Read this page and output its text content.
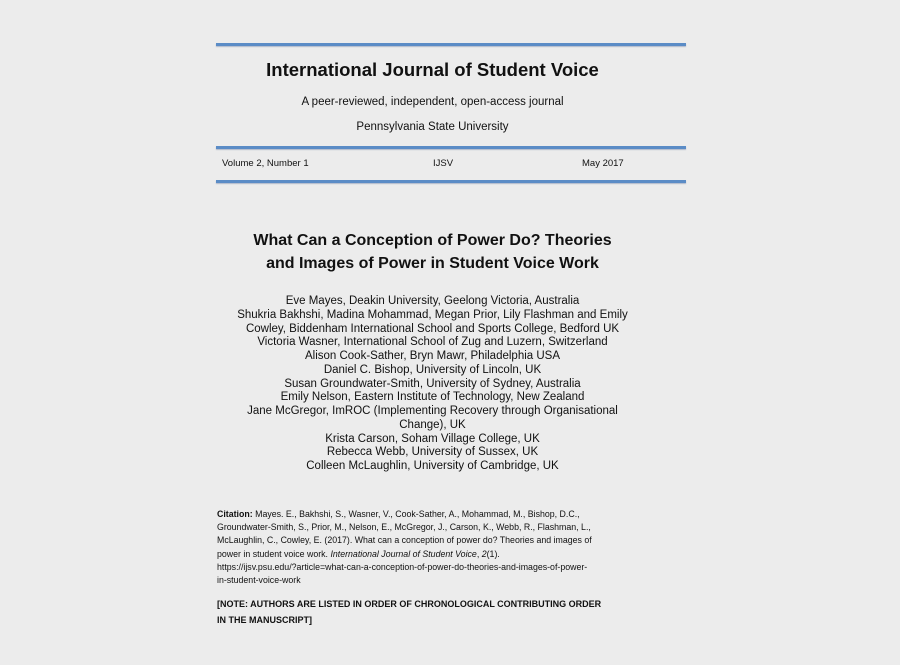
International Journal of Student Voice
A peer-reviewed, independent, open-access journal
Pennsylvania State University
Volume 2, Number 1	IJSV	May 2017
What Can a Conception of Power Do? Theories
and Images of Power in Student Voice Work
Eve Mayes, Deakin University, Geelong Victoria, Australia
Shukria Bakhshi, Madina Mohammad, Megan Prior, Lily Flashman and Emily
Cowley, Biddenham International School and Sports College, Bedford UK
Victoria Wasner, International School of Zug and Luzern, Switzerland
Alison Cook-Sather, Bryn Mawr, Philadelphia USA
Daniel C. Bishop, University of Lincoln, UK
Susan Groundwater-Smith, University of Sydney, Australia
Emily Nelson, Eastern Institute of Technology, New Zealand
Jane McGregor, ImROC (Implementing Recovery through Organisational
Change), UK
Krista Carson, Soham Village College, UK
Rebecca Webb, University of Sussex, UK
Colleen McLaughlin, University of Cambridge, UK
Citation: Mayes. E., Bakhshi, S., Wasner, V., Cook-Sather, A., Mohammad, M., Bishop, D.C.,
Groundwater-Smith, S., Prior, M., Nelson, E., McGregor, J., Carson, K., Webb, R., Flashman, L.,
McLaughlin, C., Cowley, E. (2017). What can a conception of power do? Theories and images of
power in student voice work. International Journal of Student Voice, 2(1).
https://ijsv.psu.edu/?article=what-can-a-conception-of-power-do-theories-and-images-of-power-
in-student-voice-work
[NOTE: AUTHORS ARE LISTED IN ORDER OF CHRONOLOGICAL CONTRIBUTING ORDER
IN THE MANUSCRIPT]
